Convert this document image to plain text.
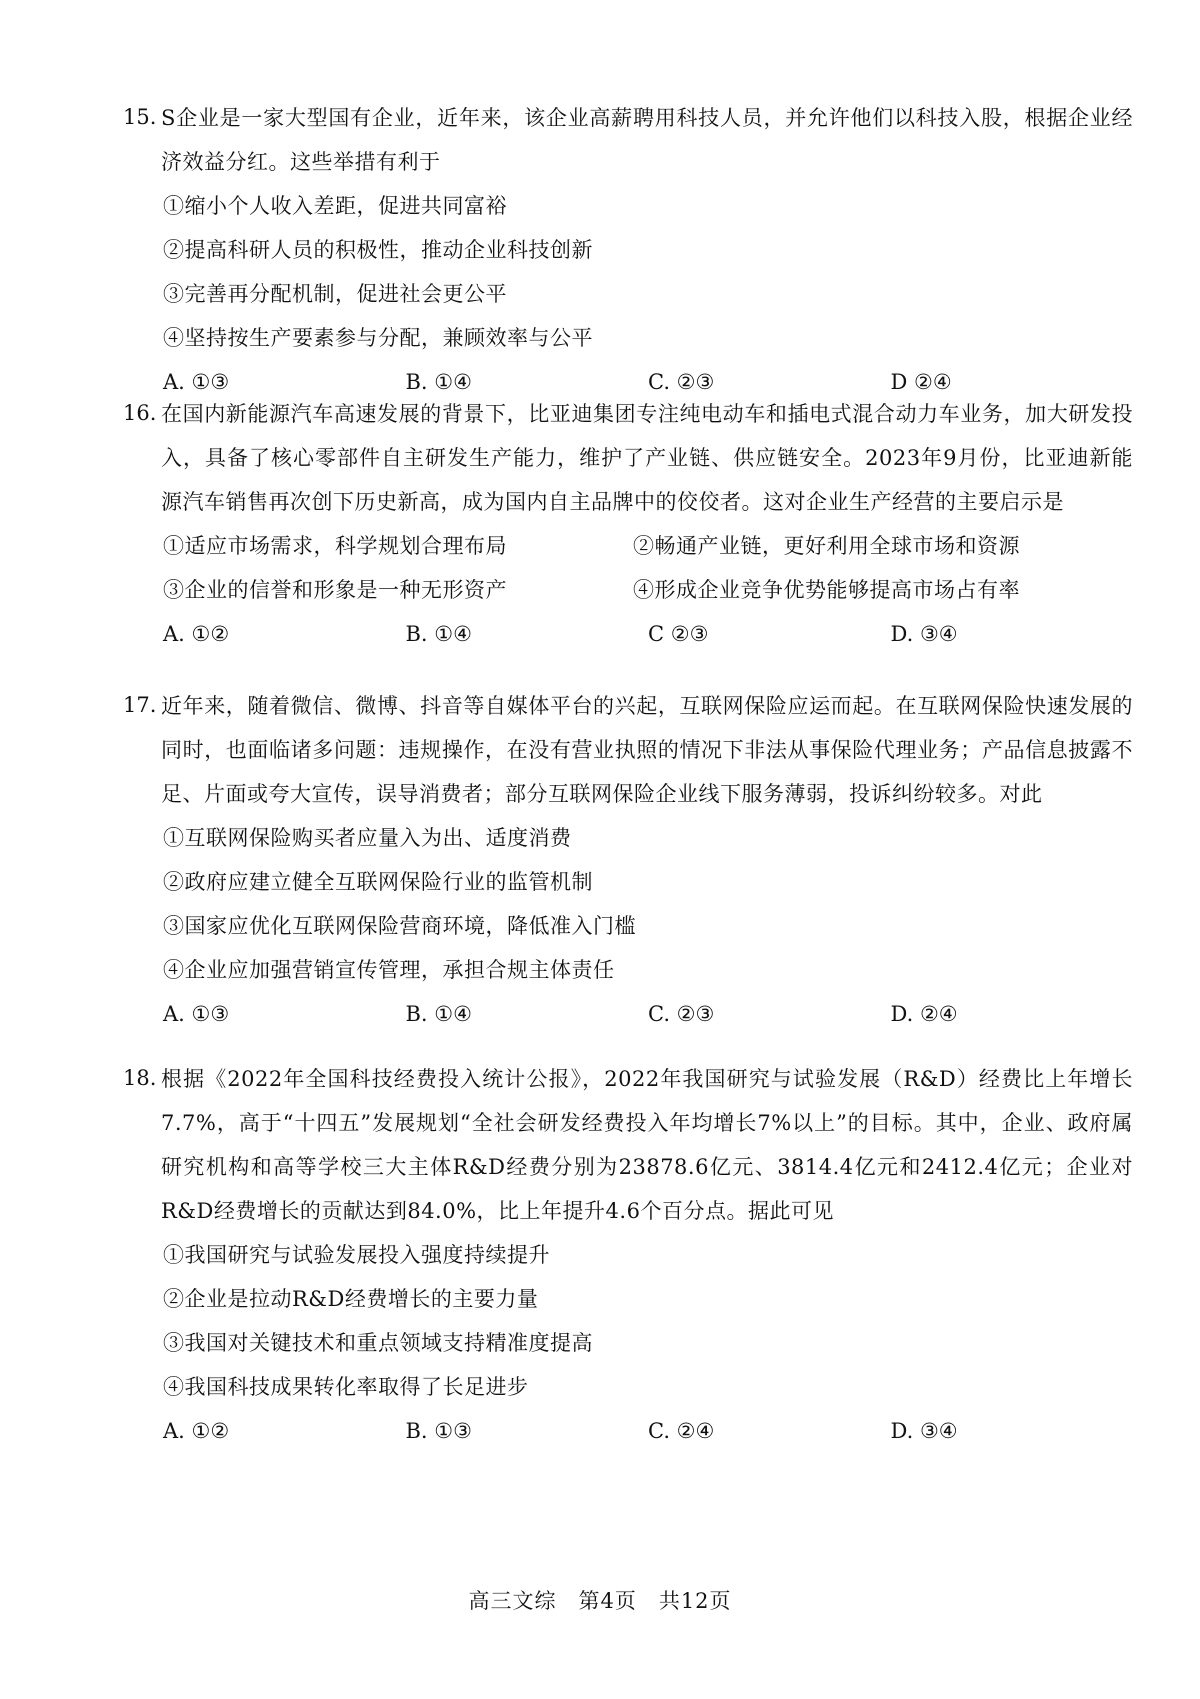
15. S企业是一家大型国有企业，近年来，该企业高薪聘用科技人员，并允许他们以科技入股，根据企业经济效益分红。这些举措有利于
①缩小个人收入差距，促进共同富裕
②提高科研人员的积极性，推动企业科技创新
③完善再分配机制，促进社会更公平
④坚持按生产要素参与分配，兼顾效率与公平
A. ①③	B. ①④	C. ②③	D ②④
16. 在国内新能源汽车高速发展的背景下，比亚迪集团专注纯电动车和插电式混合动力车业务，加大研发投入，具备了核心零部件自主研发生产能力，维护了产业链、供应链安全。2023年9月份，比亚迪新能源汽车销售再次创下历史新高，成为国内自主品牌中的佼佼者。这对企业生产经营的主要启示是
①适应市场需求，科学规划合理布局	②畅通产业链，更好利用全球市场和资源
③企业的信誉和形象是一种无形资产	④形成企业竞争优势能够提高市场占有率
A. ①②	B. ①④	C ②③	D. ③④
17. 近年来，随着微信、微博、抖音等自媒体平台的兴起，互联网保险应运而起。在互联网保险快速发展的同时，也面临诸多问题：违规操作，在没有营业执照的情况下非法从事保险代理业务；产品信息披露不足、片面或夸大宣传，误导消费者；部分互联网保险企业线下服务薄弱，投诉纠纷较多。对此
①互联网保险购买者应量入为出、适度消费
②政府应建立健全互联网保险行业的监管机制
③国家应优化互联网保险营商环境，降低准入门槛
④企业应加强营销宣传管理，承担合规主体责任
A. ①③	B. ①④	C. ②③	D. ②④
18. 根据《2022年全国科技经费投入统计公报》，2022年我国研究与试验发展（R&D）经费比上年增长7.7%，高于“十四五”发展规划“全社会研发经费投入年均增长7%以上”的目标。其中，企业、政府属研究机构和高等学校三大主体R&D经费分别为23878.6亿元、3814.4亿元和2412.4亿元；企业对R&D经费增长的贡献达到84.0%，比上年提升4.6个百分点。据此可见
①我国研究与试验发展投入强度持续提升
②企业是拉动R&D经费增长的主要力量
③我国对关键技术和重点领域支持精准度提高
④我国科技成果转化率取得了长足进步
A. ①②	B. ①③	C. ②④	D. ③④
高三文综　第4页　共12页
